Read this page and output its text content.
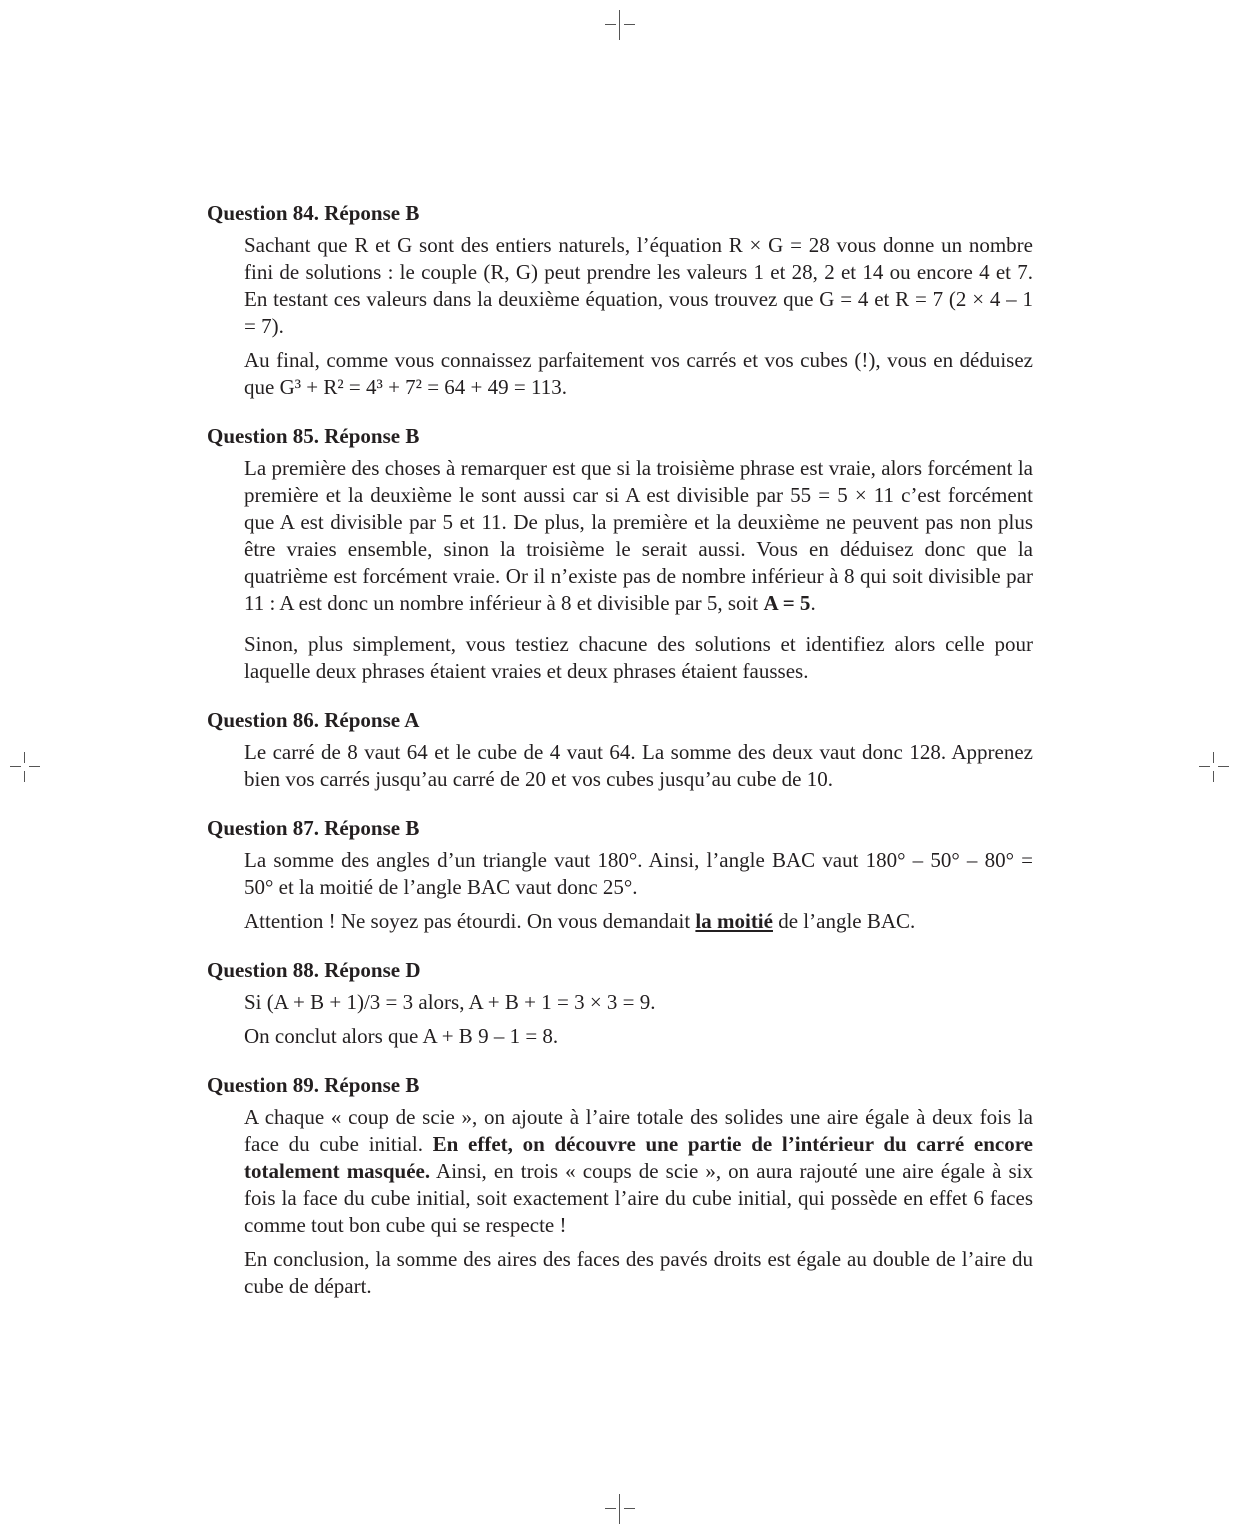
Question 84. Réponse B

Sachant que R et G sont des entiers naturels, l’équation R × G = 28 vous donne un nombre fini de solutions : le couple (R, G) peut prendre les valeurs 1 et 28, 2 et 14 ou encore 4 et 7. En testant ces valeurs dans la deuxième équation, vous trouvez que G = 4 et R = 7 (2 × 4 – 1 = 7).

Au final, comme vous connaissez parfaitement vos carrés et vos cubes (!), vous en déduisez que G³ + R² = 4³ + 7² = 64 + 49 = 113.

Question 85. Réponse B

La première des choses à remarquer est que si la troisième phrase est vraie, alors forcément la première et la deuxième le sont aussi car si A est divisible par 55 = 5 × 11 c’est forcément que A est divisible par 5 et 11. De plus, la première et la deuxième ne peuvent pas non plus être vraies ensemble, sinon la troisième le serait aussi. Vous en déduisez donc que la quatrième est forcément vraie. Or il n’existe pas de nombre inférieur à 8 qui soit divisible par 11 : A est donc un nombre inférieur à 8 et divisible par 5, soit A = 5.

Sinon, plus simplement, vous testiez chacune des solutions et identifiez alors celle pour laquelle deux phrases étaient vraies et deux phrases étaient fausses.

Question 86. Réponse A

Le carré de 8 vaut 64 et le cube de 4 vaut 64. La somme des deux vaut donc 128. Apprenez bien vos carrés jusqu’au carré de 20 et vos cubes jusqu’au cube de 10.

Question 87. Réponse B

La somme des angles d’un triangle vaut 180°. Ainsi, l’angle BAC vaut 180° – 50° – 80° = 50° et la moitié de l’angle BAC vaut donc 25°.

Attention ! Ne soyez pas étourdi. On vous demandait la moitié de l’angle BAC.

Question 88. Réponse D

Si (A + B + 1)/3 = 3 alors, A + B + 1 = 3 × 3 = 9.

On conclut alors que A + B 9 – 1 = 8.

Question 89. Réponse B

A chaque « coup de scie », on ajoute à l’aire totale des solides une aire égale à deux fois la face du cube initial. En effet, on découvre une partie de l’intérieur du carré encore totalement masquée. Ainsi, en trois « coups de scie », on aura rajouté une aire égale à six fois la face du cube initial, soit exactement l’aire du cube initial, qui possède en effet 6 faces comme tout bon cube qui se respecte !

En conclusion, la somme des aires des faces des pavés droits est égale au double de l’aire du cube de départ.
